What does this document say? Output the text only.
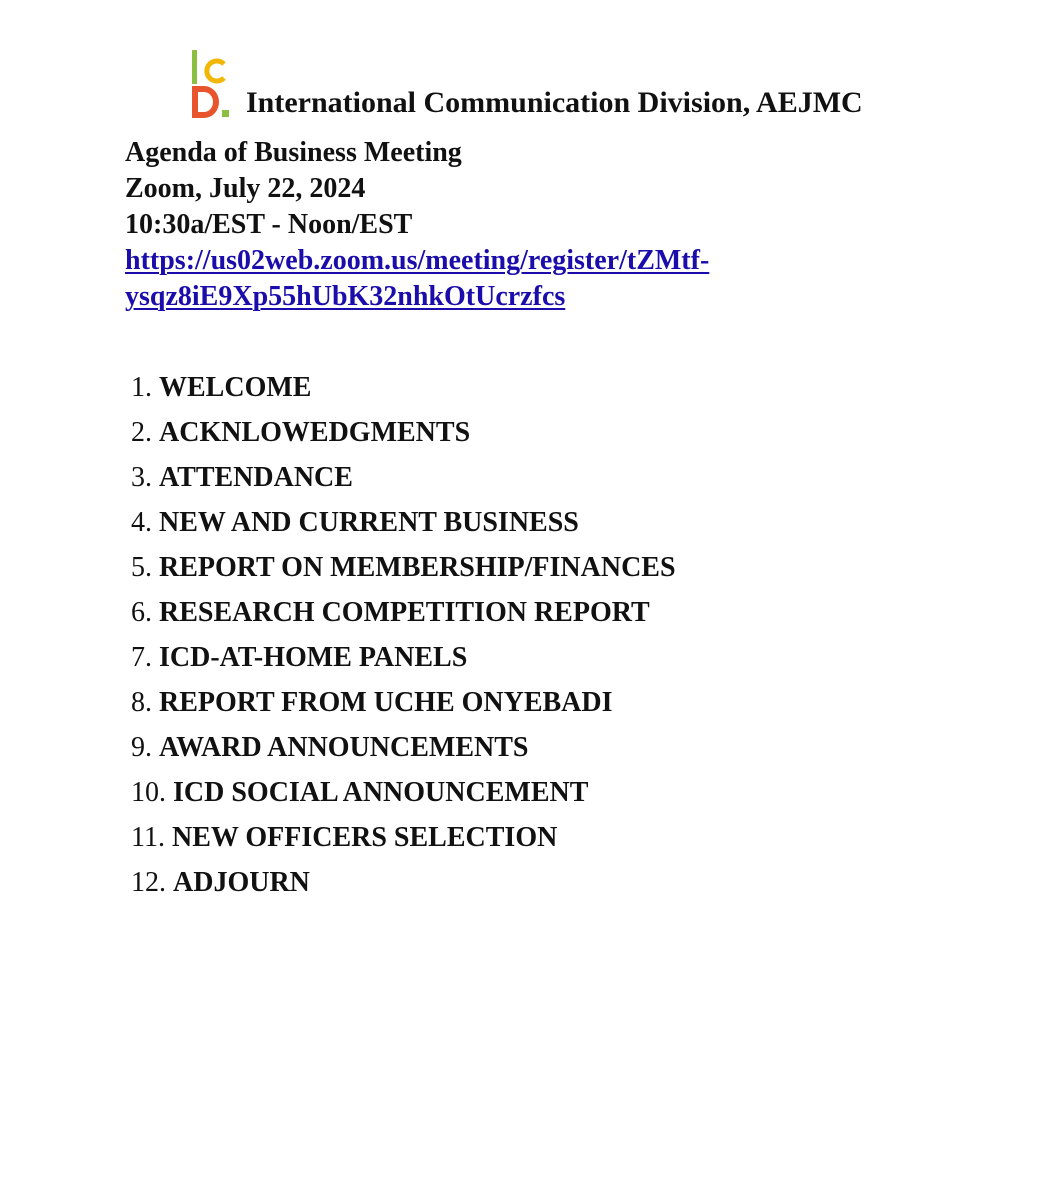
International Communication Division, AEJMC
Agenda of Business Meeting
Zoom, July 22, 2024
10:30a/EST - Noon/EST
https://us02web.zoom.us/meeting/register/tZMtf-
ysqz8iE9Xp55hUbK32nhkOtUcrzfcs
1. WELCOME
2. ACKNLOWEDGMENTS
3. ATTENDANCE
4. NEW AND CURRENT BUSINESS
5. REPORT ON MEMBERSHIP/FINANCES
6. RESEARCH COMPETITION REPORT
7. ICD-AT-HOME PANELS
8. REPORT FROM UCHE ONYEBADI
9. AWARD ANNOUNCEMENTS
10. ICD SOCIAL ANNOUNCEMENT
11. NEW OFFICERS SELECTION
12. ADJOURN
